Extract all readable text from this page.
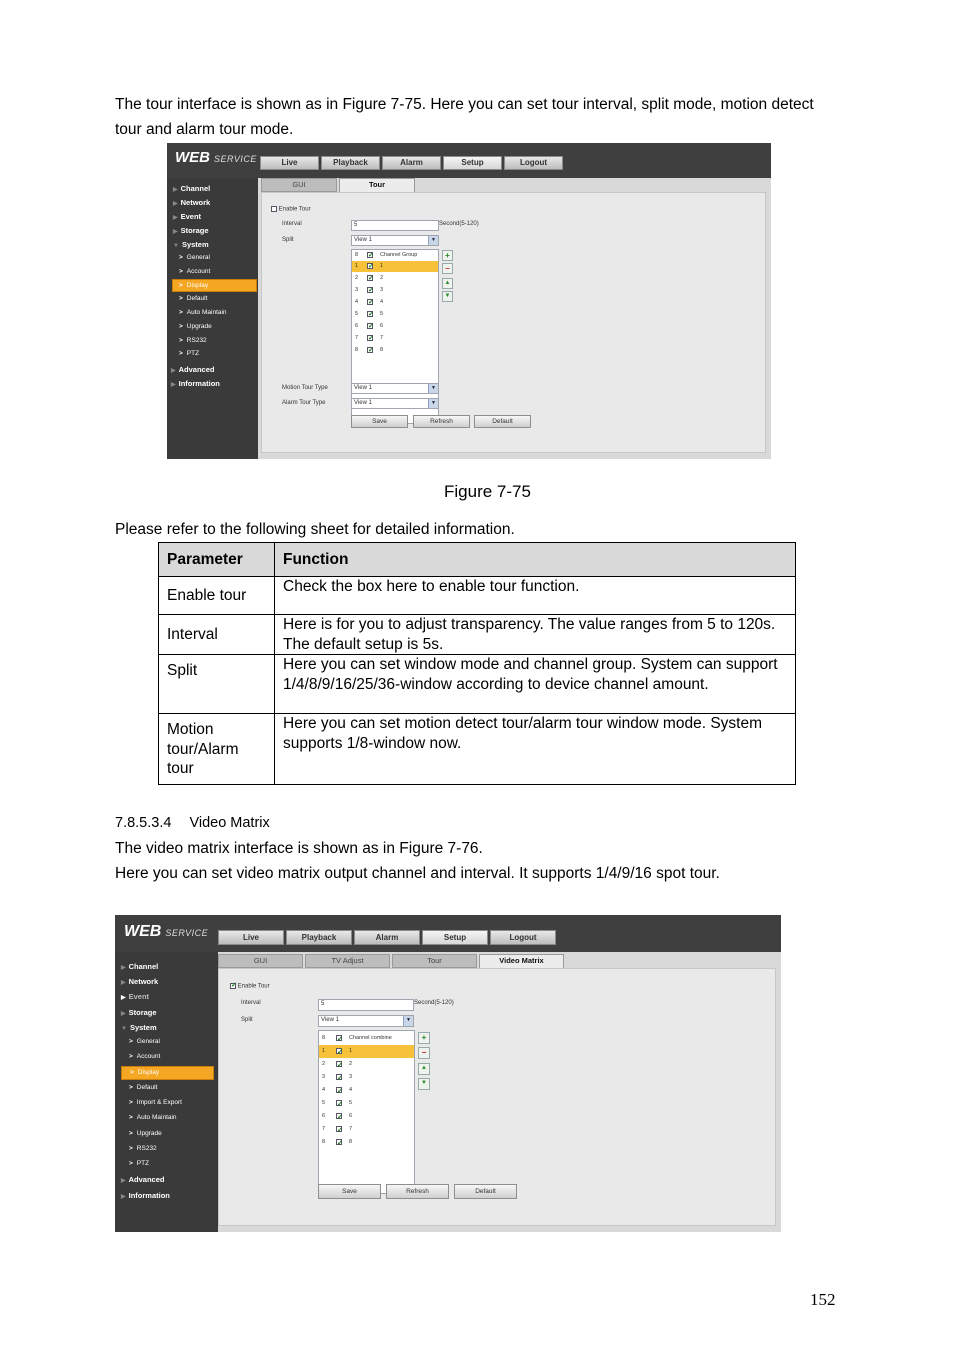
The tour interface is shown as in Figure 7-75. Here you can set tour interval, split mode, motion detect tour and alarm tour mode.

WEB SERVICE	Live	Playback	Alarm	Setup	Logout
▶ Channel
▶ Network
▶ Event
▶ Storage
▼ System
> General
> Account
> Display
> Default
> Auto Maintain
> Upgrade
> RS232
> PTZ
▶ Advanced
▶ Information
GUI	Tour
Enable Tour
Interval	5	Second(5-120)
Split	View 1	▼
8 ✓	Channel Group
1 ✓	1
2 ✓	2
3 ✓	3
4 ✓	4
5 ✓	5
6 ✓	6
7 ✓	7
8 ✓	8
+
−
▲
▼
Motion Tour Type	View 1	▼
Alarm Tour Type	View 1	▼
Save	Refresh	Default

Figure 7-75

Please refer to the following sheet for detailed information.

Parameter	Function
Enable tour	Check the box here to enable tour function.
Interval	Here is for you to adjust transparency. The value ranges from 5 to 120s. The default setup is 5s.
Split	Here you can set window mode and channel group. System can support 1/4/8/9/16/25/36-window according to device channel amount.
Motion tour/Alarm tour	Here you can set motion detect tour/alarm tour window mode. System supports 1/8-window now.

7.8.5.3.4 Video Matrix

The video matrix interface is shown as in Figure 7-76.

Here you can set video matrix output channel and interval. It supports 1/4/9/16 spot tour.

WEB SERVICE	Live	Playback	Alarm	Setup	Logout
▶ Channel
▶ Network
▶ Event
▶ Storage
▼ System
> General
> Account
> Display
> Default
> Import & Export
> Auto Maintain
> Upgrade
> RS232
> PTZ
▶ Advanced
▶ Information
GUI	TV Adjust	Tour	Video Matrix
✓ Enable Tour
Interval	5	Second(5-120)
Split	View 1	▼
8 ✓	Channel combine
1 ✓	1
2 ✓	2
3 ✓	3
4 ✓	4
5 ✓	5
6 ✓	6
7 ✓	7
8 ✓	8
+
−
▲
▼
Save	Refresh	Default
152
